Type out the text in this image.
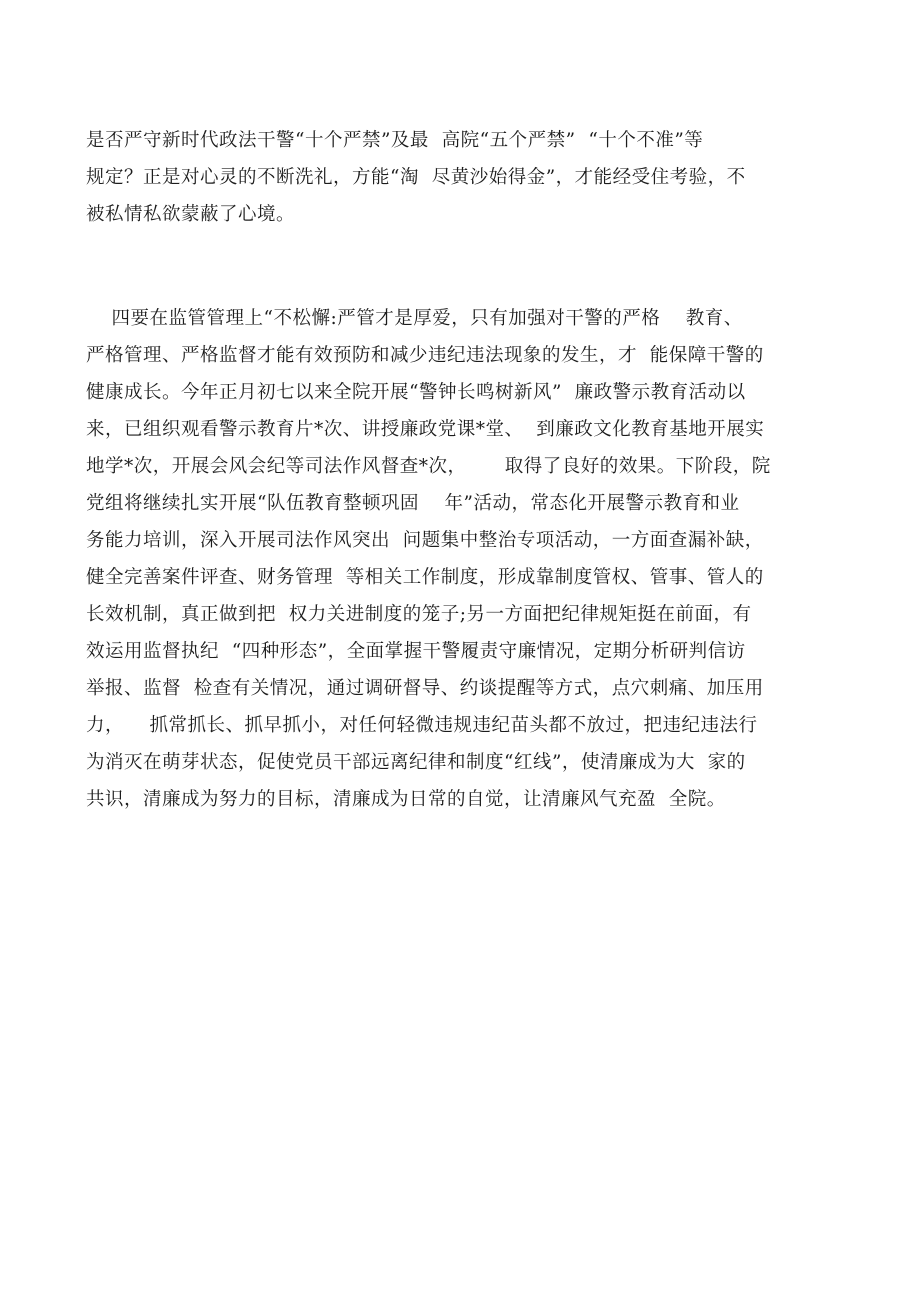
是否严守新时代政法干警“十个严禁”及最  高院“五个严禁”  “十个不准”等
规定？正是对心灵的不断洗礼，方能“淘  尽黄沙始得金”，才能经受住考验，不
被私情私欲蒙蔽了心境。
四要在监管管理上“不松懈:严管才是厚爱，只有加强对干警的严格    教育、
严格管理、严格监督才能有效预防和减少违纪违法现象的发生，才  能保障干警的
健康成长。今年正月初七以来全院开展“警钟长鸣树新风”  廉政警示教育活动以
来，已组织观看警示教育片*次、讲授廉政党课*堂、  到廉政文化教育基地开展实
地学*次，开展会风会纪等司法作风督查*次，      取得了良好的效果。下阶段，院
党组将继续扎实开展“队伍教育整顿巩固    年”活动，常态化开展警示教育和业
务能力培训，深入开展司法作风突出  问题集中整治专项活动，一方面查漏补缺，
健全完善案件评查、财务管理  等相关工作制度，形成靠制度管权、管事、管人的
长效机制，真正做到把  权力关进制度的笼子;另一方面把纪律规矩挺在前面，有
效运用监督执纪  “四种形态”，全面掌握干警履责守廉情况，定期分析研判信访
举报、监督  检查有关情况，通过调研督导、约谈提醒等方式，点穴刺痛、加压用
力，    抓常抓长、抓早抓小，对任何轻微违规违纪苗头都不放过，把违纪违法行
为消灭在萌芽状态，促使党员干部远离纪律和制度“红线”，使清廉成为大  家的
共识，清廉成为努力的目标，清廉成为日常的自觉，让清廉风气充盈  全院。
